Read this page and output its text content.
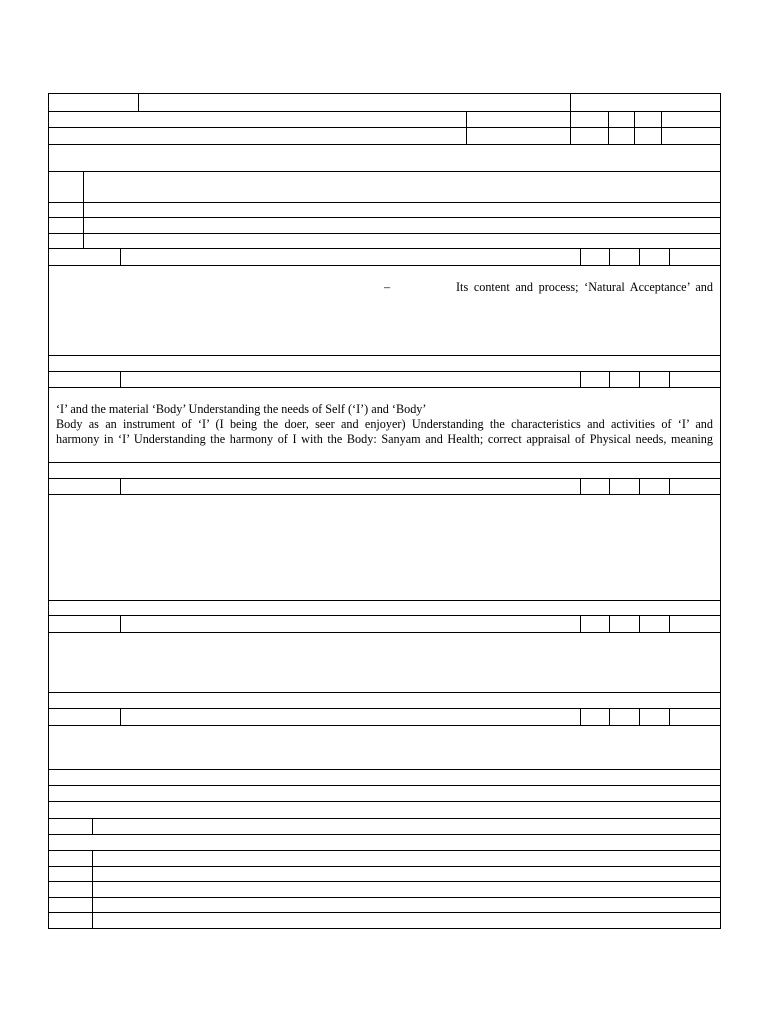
–	Its content and process; ‘Natural Acceptance’ and
‘I’ and the material ‘Body’ Understanding the needs of Self (‘I’) and ‘Body’
Body as an instrument of ‘I’ (I being the doer, seer and enjoyer) Understanding the characteristics and activities of ‘I’ and
harmony in ‘I’ Understanding the harmony of I with the Body: Sanyam and Health; correct appraisal of Physical needs, meaning
